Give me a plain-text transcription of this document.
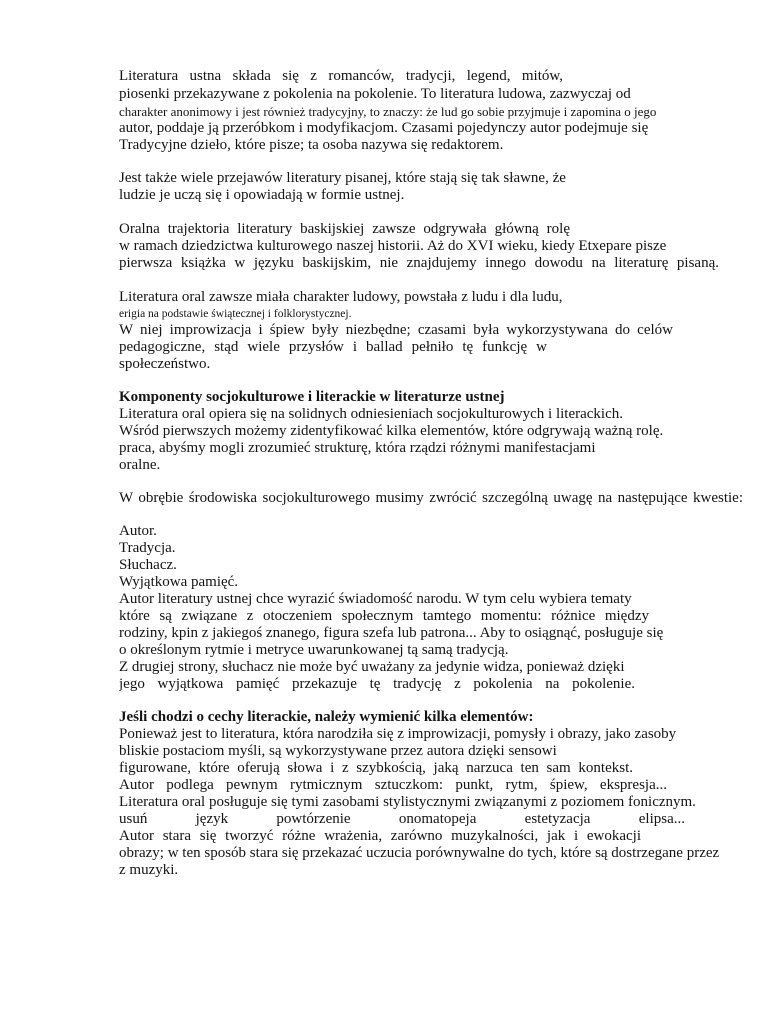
Literatura ustna składa się z romanców, tradycji, legend, mitów,

piosenki przekazywane z pokolenia na pokolenie. To literatura ludowa, zazwyczaj od

charakter anonimowy i jest również tradycyjny, to znaczy: że lud go sobie przyjmuje i zapomina o jego

autor, poddaje ją przeróbkom i modyfikacjom. Czasami pojedynczy autor podejmuje się

Tradycyjne dzieło, które pisze; ta osoba nazywa się redaktorem.

Jest także wiele przejawów literatury pisanej, które stają się tak sławne, że

ludzie je uczą się i opowiadają w formie ustnej.

Oralna trajektoria literatury baskijskiej zawsze odgrywała główną rolę

w ramach dziedzictwa kulturowego naszej historii. Aż do XVI wieku, kiedy Etxepare pisze

pierwsza książka w języku baskijskim, nie znajdujemy innego dowodu na literaturę pisaną.

Literatura oral zawsze miała charakter ludowy, powstała z ludu i dla ludu,

erigia na podstawie świątecznej i folklorystycznej.

W niej improwizacja i śpiew były niezbędne; czasami była wykorzystywana do celów

pedagogiczne, stąd wiele przysłów i ballad pełniło tę funkcję w

społeczeństwo.

Komponenty socjokulturowe i literackie w literaturze ustnej

Literatura oral opiera się na solidnych odniesieniach socjokulturowych i literackich.

Wśród pierwszych możemy zidentyfikować kilka elementów, które odgrywają ważną rolę.

praca, abyśmy mogli zrozumieć strukturę, która rządzi różnymi manifestacjami

oralne.

W obrębie środowiska socjokulturowego musimy zwrócić szczególną uwagę na następujące kwestie:

Autor.

Tradycja.

Słuchacz.

Wyjątkowa pamięć.

Autor literatury ustnej chce wyrazić świadomość narodu. W tym celu wybiera tematy

które są związane z otoczeniem społecznym tamtego momentu: różnice między

rodziny, kpin z jakiegoś znanego, figura szefa lub patrona... Aby to osiągnąć, posługuje się

o określonym rytmie i metryce uwarunkowanej tą samą tradycją.

Z drugiej strony, słuchacz nie może być uważany za jedynie widza, ponieważ dzięki

jego wyjątkowa pamięć przekazuje tę tradycję z pokolenia na pokolenie.

Jeśli chodzi o cechy literackie, należy wymienić kilka elementów:

Ponieważ jest to literatura, która narodziła się z improwizacji, pomysły i obrazy, jako zasoby

bliskie postaciom myśli, są wykorzystywane przez autora dzięki sensowi

figurowane, które oferują słowa i z szybkością, jaką narzuca ten sam kontekst.

Autor podlega pewnym rytmicznym sztuczkom: punkt, rytm, śpiew, ekspresja...

Literatura oral posługuje się tymi zasobami stylistycznymi związanymi z poziomem fonicznym.

usuń język powtórzenie onomatopeja estetyzacja elipsa...

Autor stara się tworzyć różne wrażenia, zarówno muzykalności, jak i ewokacji

obrazy; w ten sposób stara się przekazać uczucia porównywalne do tych, które są dostrzegane przez

z muzyki.
